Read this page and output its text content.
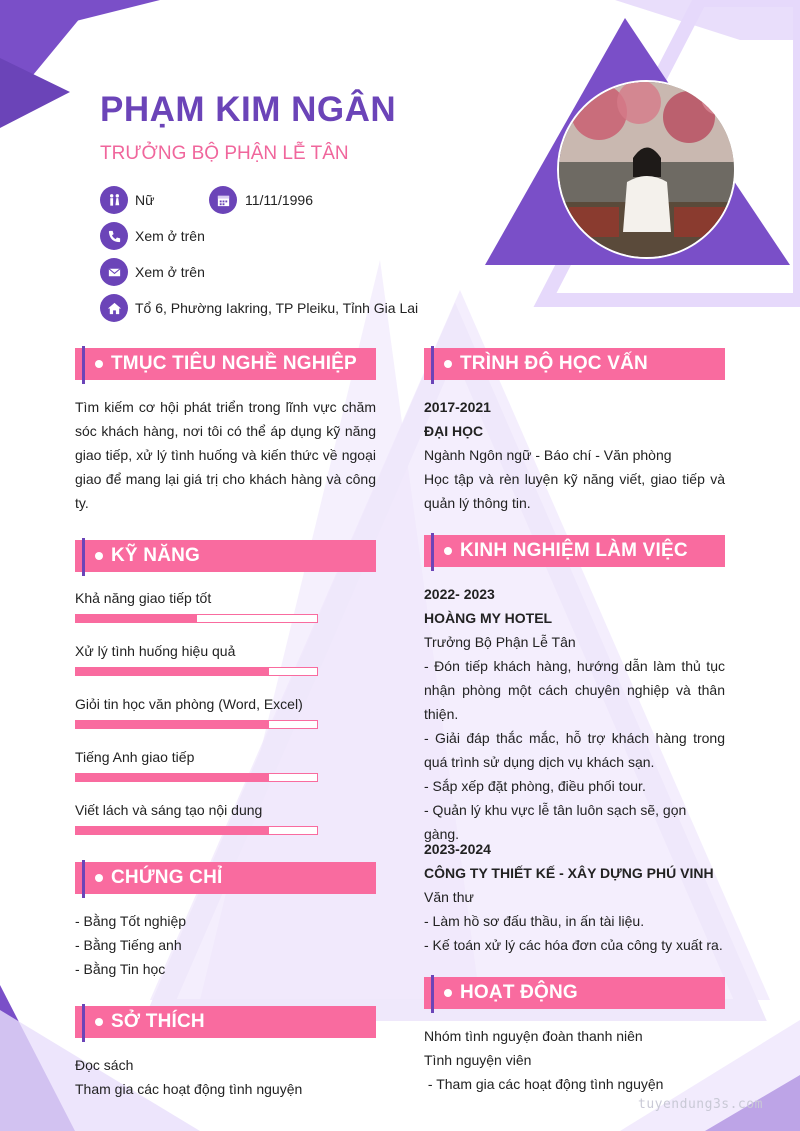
PHẠM KIM NGÂN
TRƯỞNG BỘ PHẬN LỄ TÂN
Nữ	11/11/1996
Xem ở trên
Xem ở trên
Tổ 6, Phường Iakring, TP Pleiku, Tỉnh Gia Lai
TMỤC TIÊU NGHỀ NGHIỆP
Tìm kiếm cơ hội phát triển trong lĩnh vực chăm sóc khách hàng, nơi tôi có thể áp dụng kỹ năng giao tiếp, xử lý tình huống và kiến thức về ngoại giao để mang lại giá trị cho khách hàng và công ty.
KỸ NĂNG
Khả năng giao tiếp tốt
Xử lý tình huống hiệu quả
Giỏi tin học văn phòng (Word, Excel)
Tiếng Anh giao tiếp
Viết lách và sáng tạo nội dung
CHỨNG CHỈ
- Bằng Tốt nghiệp
- Bằng Tiếng anh
- Bằng Tin học
SỞ THÍCH
Đọc sách
Tham gia các hoạt động tình nguyện
TRÌNH ĐỘ HỌC VẤN
2017-2021
ĐẠI HỌC
Ngành Ngôn ngữ - Báo chí - Văn phòng
Học tập và rèn luyện kỹ năng viết, giao tiếp và quản lý thông tin.
KINH NGHIỆM LÀM VIỆC
2022- 2023
HOÀNG MY HOTEL
Trưởng Bộ Phận Lễ Tân
- Đón tiếp khách hàng, hướng dẫn làm thủ tục nhận phòng một cách chuyên nghiệp và thân thiện.
- Giải đáp thắc mắc, hỗ trợ khách hàng trong quá trình sử dụng dịch vụ khách sạn.
- Sắp xếp đặt phòng, điều phối tour.
- Quản lý khu vực lễ tân luôn sạch sẽ, gọn gàng.
2023-2024
CÔNG TY THIẾT KẾ - XÂY DỰNG PHÚ VINH
Văn thư
- Làm hồ sơ đấu thầu, in ấn tài liệu.
- Kế toán xử lý các hóa đơn của công ty xuất ra.
HOẠT ĐỘNG
Nhóm tình nguyện đoàn thanh niên
Tình nguyện viên
- Tham gia các hoạt động tình nguyện
tuyendung3s.com
